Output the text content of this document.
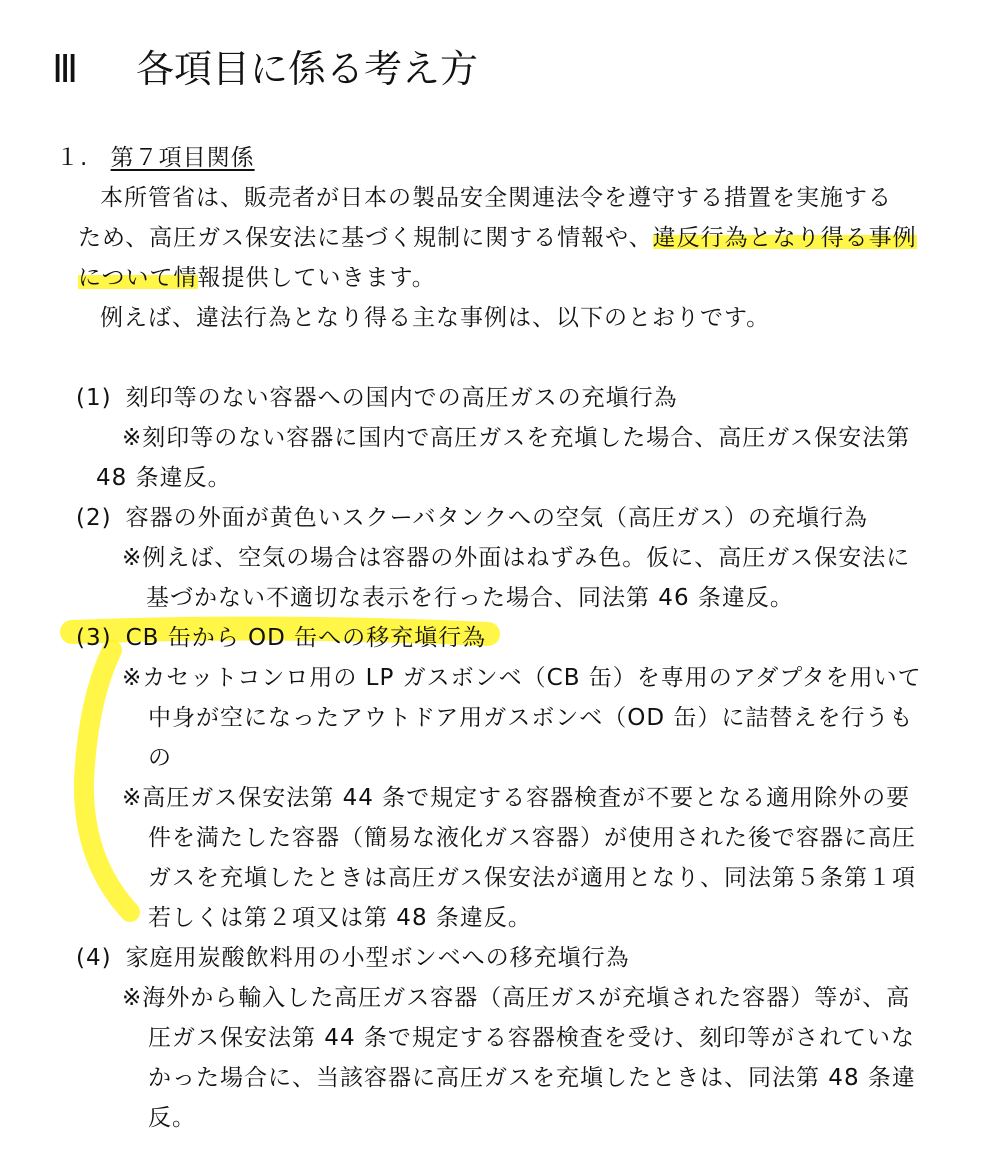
Ⅲ 各項目に係る考え方
１. 第７項目関係
本所管省は、販売者が日本の製品安全関連法令を遵守する措置を実施する
ため、高圧ガス保安法に基づく規制に関する情報や、違反行為となり得る事例
について情報提供していきます。
例えば、違法行為となり得る主な事例は、以下のとおりです。
(1) 刻印等のない容器への国内での高圧ガスの充塡行為
※刻印等のない容器に国内で高圧ガスを充塡した場合、高圧ガス保安法第
48 条違反。
(2) 容器の外面が黄色いスクーバタンクへの空気（高圧ガス）の充塡行為
※例えば、空気の場合は容器の外面はねずみ色。仮に、高圧ガス保安法に
基づかない不適切な表示を行った場合、同法第 46 条違反。
(3) CB 缶から OD 缶への移充塡行為
※カセットコンロ用の LP ガスボンベ（CB 缶）を専用のアダプタを用いて
中身が空になったアウトドア用ガスボンベ（OD 缶）に詰替えを行うも
の
※高圧ガス保安法第 44 条で規定する容器検査が不要となる適用除外の要
件を満たした容器（簡易な液化ガス容器）が使用された後で容器に高圧
ガスを充塡したときは高圧ガス保安法が適用となり、同法第５条第１項
若しくは第２項又は第 48 条違反。
(4) 家庭用炭酸飲料用の小型ボンベへの移充塡行為
※海外から輸入した高圧ガス容器（高圧ガスが充塡された容器）等が、高
圧ガス保安法第 44 条で規定する容器検査を受け、刻印等がされていな
かった場合に、当該容器に高圧ガスを充塡したときは、同法第 48 条違
反。
